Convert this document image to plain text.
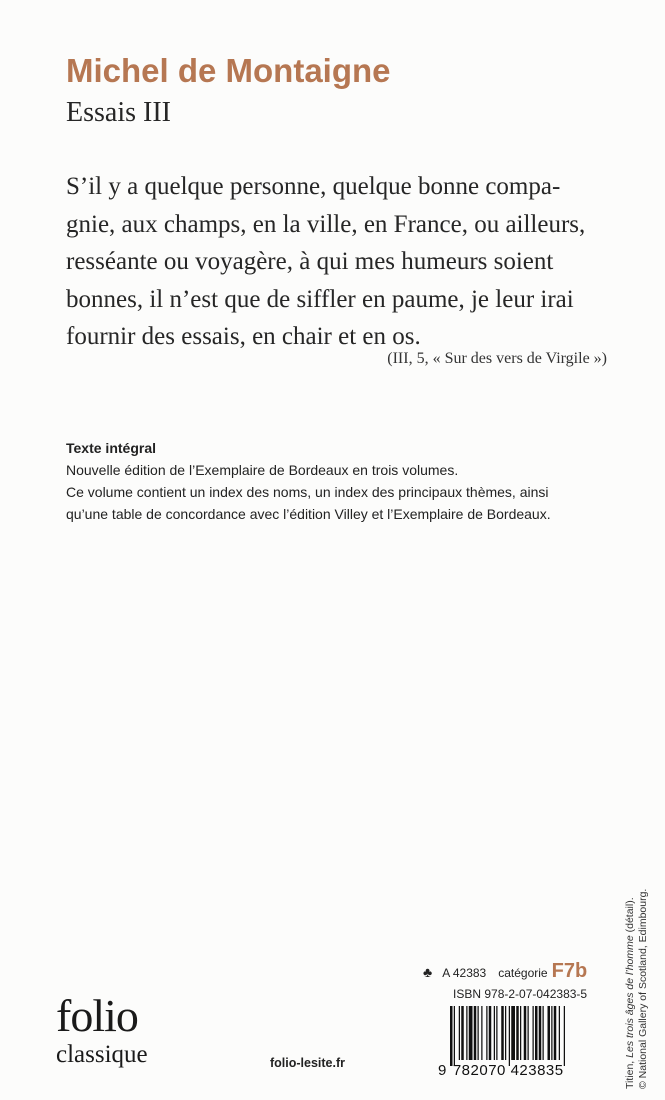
Michel de Montaigne
Essais III
S’il y a quelque personne, quelque bonne compa-
gnie, aux champs, en la ville, en France, ou ailleurs,
resséante ou voyagère, à qui mes humeurs soient
bonnes, il n’est que de siffler en paume, je leur irai
fournir des essais, en chair et en os.
(III, 5, « Sur des vers de Virgile »)
Texte intégral
Nouvelle édition de l’Exemplaire de Bordeaux en trois volumes.
Ce volume contient un index des noms, un index des principaux thèmes, ainsi
qu’une table de concordance avec l’édition Villey et l’Exemplaire de Bordeaux.
Titien, Les trois âges de l’homme (détail). © National Gallery of Scotland, Edimbourg.
folio
classique	folio-lesite.fr
♣ A 42383 catégorie F7b
ISBN 978-2-07-042383-5
9 782070 423835
